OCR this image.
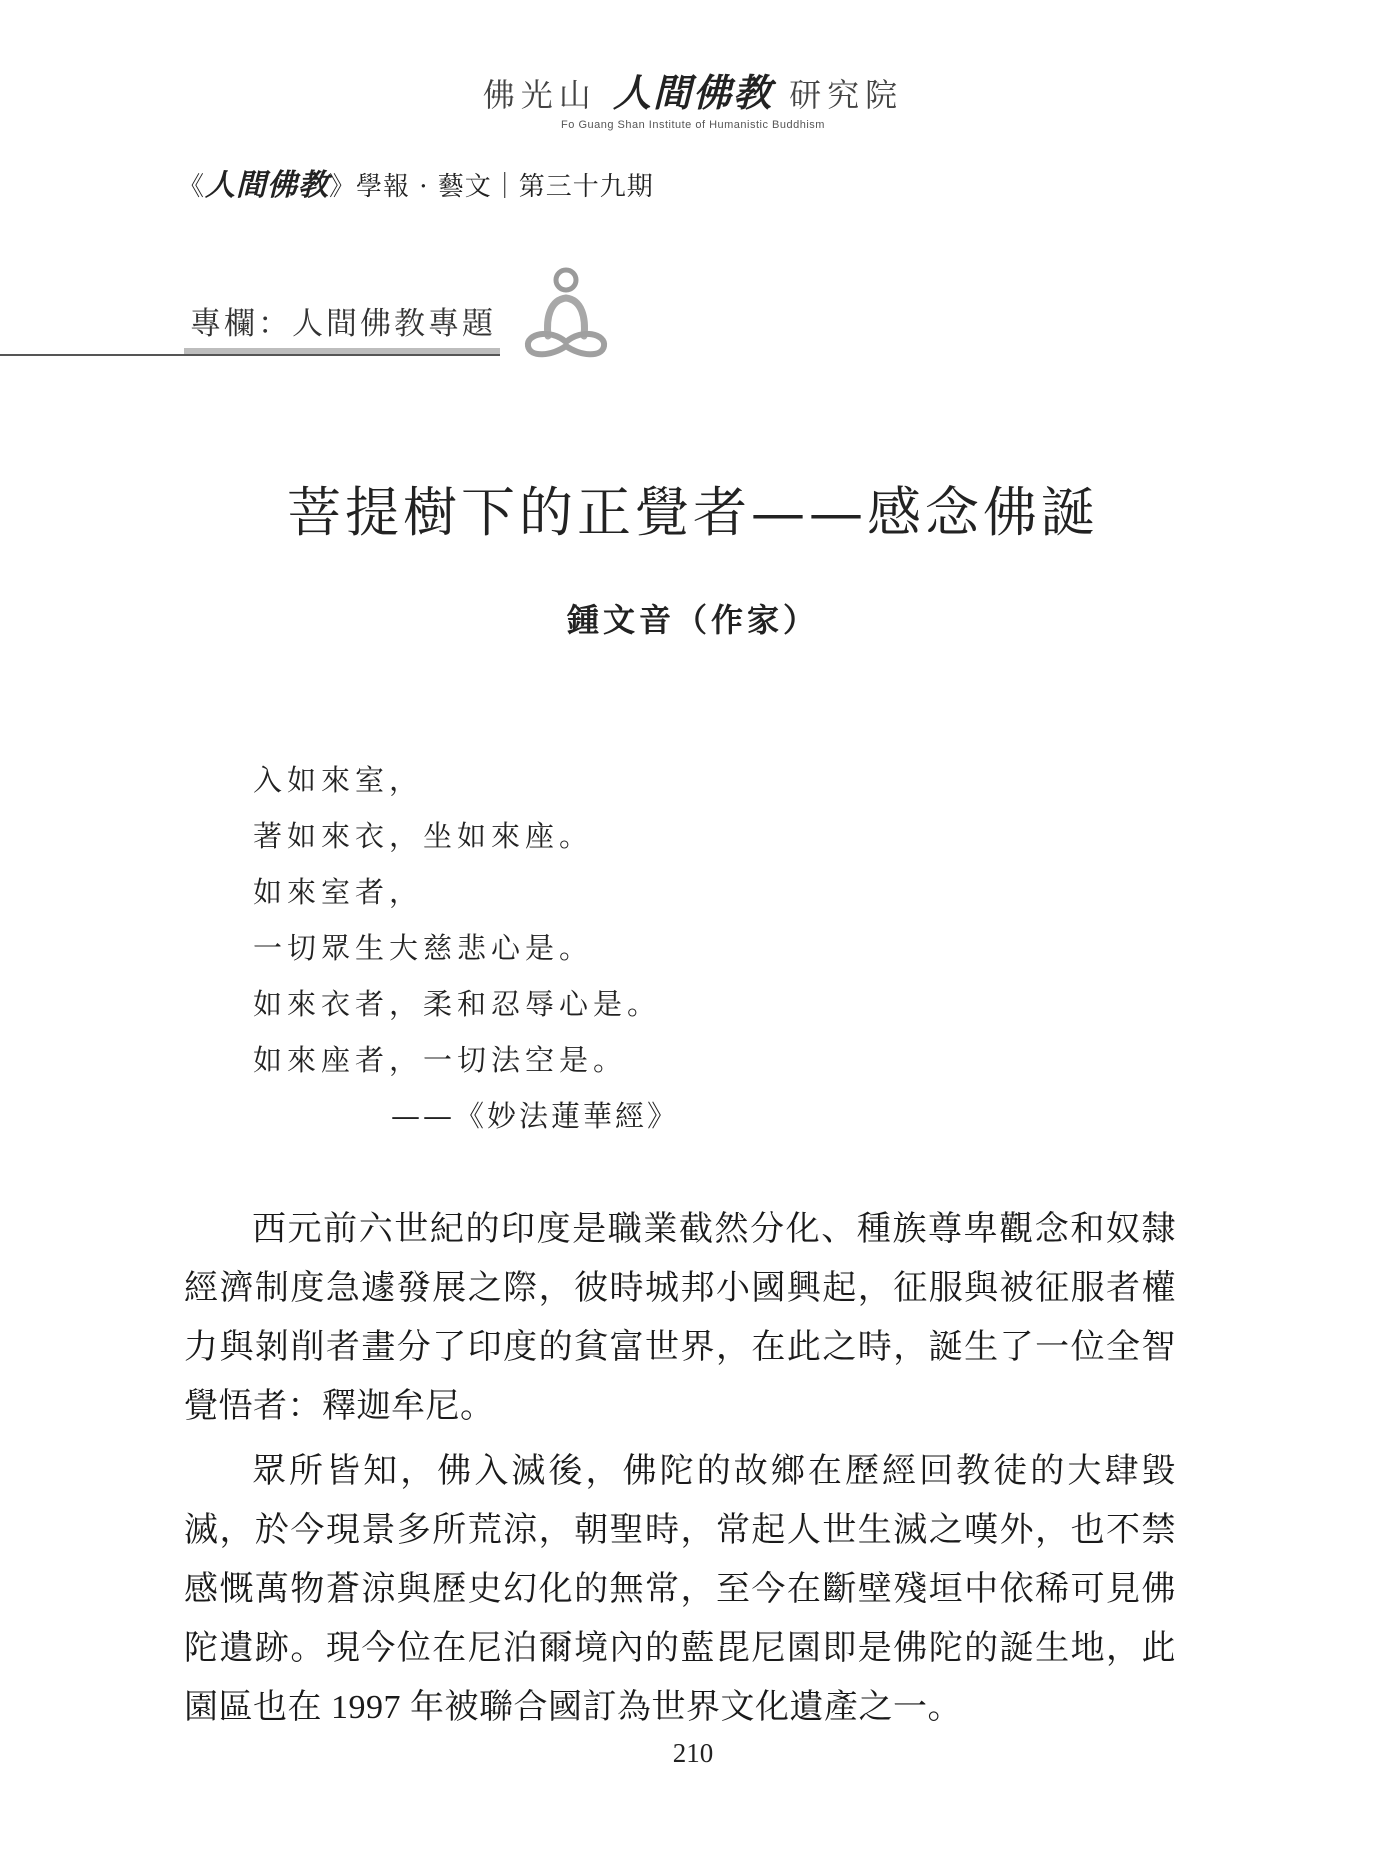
佛光山 人間佛教 研究院
Fo Guang Shan Institute of Humanistic Buddhism
《人間佛教》學報 · 藝文｜第三十九期
專欄：人間佛教專題
菩提樹下的正覺者——感念佛誕
鍾文音（作家）
入如來室，
著如來衣，坐如來座。
如來室者，
一切眾生大慈悲心是。
如來衣者，柔和忍辱心是。
如來座者，一切法空是。
——《妙法蓮華經》

西元前六世紀的印度是職業截然分化、種族尊卑觀念和奴隸經濟制度急遽發展之際，彼時城邦小國興起，征服與被征服者權力與剝削者畫分了印度的貧富世界，在此之時，誕生了一位全智覺悟者：釋迦牟尼。

眾所皆知，佛入滅後，佛陀的故鄉在歷經回教徒的大肆毀滅，於今現景多所荒涼，朝聖時，常起人世生滅之嘆外，也不禁感慨萬物蒼涼與歷史幻化的無常，至今在斷壁殘垣中依稀可見佛陀遺跡。現今位在尼泊爾境內的藍毘尼園即是佛陀的誕生地，此園區也在 1997 年被聯合國訂為世界文化遺產之一。

210
